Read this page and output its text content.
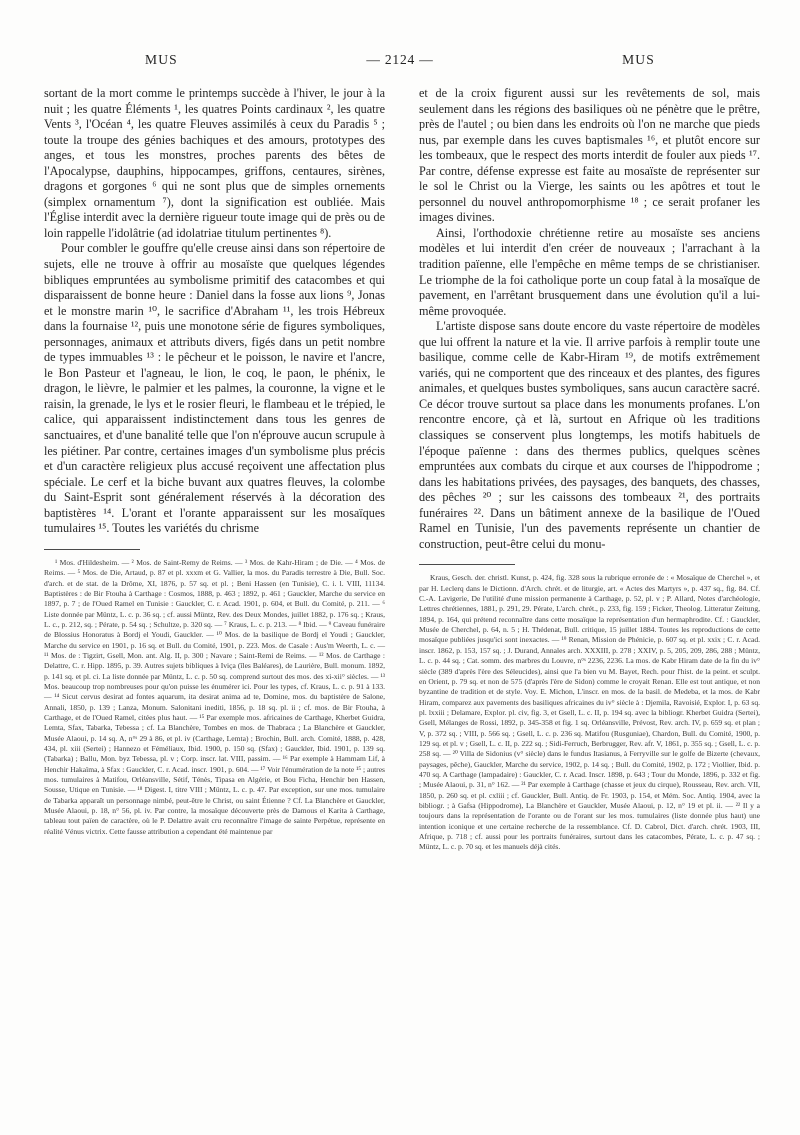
MUS	— 2124 —	MUS

sortant de la mort comme le printemps succède à l'hiver, le jour à la nuit ; les quatre Éléments ¹, les quatres Points cardinaux ², les quatre Vents ³, l'Océan ⁴, les quatre Fleuves assimilés à ceux du Paradis ⁵ ; toute la troupe des génies bachiques et des amours, prototypes des anges, et tous les monstres, proches parents des bêtes de l'Apocalypse, dauphins, hippocampes, griffons, centaures, sirènes, dragons et gorgones ⁶ qui ne sont plus que de simples ornements (simplex ornamentum ⁷), dont la signification est oubliée. Mais l'Église interdit avec la dernière rigueur toute image qui de près ou de loin rappelle l'idolâtrie (ad idolatriae titulum pertinentes ⁸).

Pour combler le gouffre qu'elle creuse ainsi dans son répertoire de sujets, elle ne trouve à offrir au mosaïste que quelques légendes bibliques empruntées au symbolisme primitif des catacombes et qui disparaissent de bonne heure : Daniel dans la fosse aux lions ⁹, Jonas et le monstre marin ¹⁰, le sacrifice d'Abraham ¹¹, les trois Hébreux dans la fournaise ¹², puis une monotone série de figures symboliques, personnages, animaux et attributs divers, figés dans un petit nombre de types immuables ¹³ : le pêcheur et le poisson, le navire et l'ancre, le Bon Pasteur et l'agneau, le lion, le coq, le paon, le phénix, le dragon, le lièvre, le palmier et les palmes, la couronne, la vigne et le raisin, la grenade, le lys et le rosier fleuri, le flambeau et le trépied, le calice, qui apparaissent indistinctement dans tous les genres de sanctuaires, et d'une banalité telle que l'on n'éprouve aucun scrupule à les piétiner. Par contre, certaines images d'un symbolisme plus précis et d'un caractère religieux plus accusé reçoivent une affectation plus spéciale. Le cerf et la biche buvant aux quatres fleuves, la colombe du Saint-Esprit sont généralement réservés à la décoration des baptistères ¹⁴. L'orant et l'orante apparaissent sur les mosaïques tumulaires ¹⁵. Toutes les variétés du chrisme

¹ Mos. d'Hildesheim. — ² Mos. de Saint-Remy de Reims. — ³ Mos. de Kahr-Hiram ; de Die. — ⁴ Mos. de Reims. — ⁵ Mos. de Die, Artaud, p. 87 et pl. xxxm et G. Vallier, la mos. du Paradis terrestre à Die, Bull. Soc. d'arch. et de stat. de la Drôme, XI, 1876, p. 57 sq. et pl. ; Beni Hassen (en Tunisie), C. i. l. VIII, 11134. Baptistères : de Bir Ftouha à Carthage : Cosmos, 1888, p. 463 ; 1892, p. 461 ; Gauckler, Marche du service en 1897, p. 7 ; de l'Oued Ramel en Tunisie : Gauckler, C. r. Acad. 1901, p. 604, et Bull. du Comité, p. 211. — ⁶ Liste donnée par Müntz, L. c. p. 36 sq. ; cf. aussi Müntz, Rev. des Deux Mondes, juillet 1882, p. 176 sq. ; Kraus, L. c., p. 212, sq. ; Pérate, p. 54 sq. ; Schultze, p. 320 sq. — ⁷ Kraus, L. c. p. 213. — ⁸ Ibid. — ⁹ Caveau funéraire de Blossius Honoratus à Bordj el Youdi, Gauckler. — ¹⁰ Mos. de la basilique de Bordj el Youdi ; Gauckler, Marche du service en 1901, p. 16 sq. et Bull. du Comité, 1901, p. 223. Mos. de Casale : Aus'm Weerth, L. c. — ¹¹ Mos. de : Tigzirt, Gsell, Mon. ant. Alg. II, p. 300 ; Navare ; Saint-Remi de Reims. — ¹² Mos. de Carthage : Delattre, C. r. Hipp. 1895, p. 39. Autres sujets bibliques à Iviça (îles Baléares), de Laurière, Bull. monum. 1892, p. 141 sq. et pl. ci. La liste donnée par Müntz, L. c. p. 50 sq. comprend surtout des mos. des xi-xii° siècles. — ¹³ Mos. beaucoup trop nombreuses pour qu'on puisse les énumérer ici. Pour les types, cf. Kraus, L. c. p. 91 à 133. — ¹⁴ Sicut cervus desirat ad fontes aquarum, ita desirat anima ad te, Domine, mos. du baptistère de Salone, Annali, 1850, p. 139 ; Lanza, Monum. Salonitani inediti, 1856, p. 18 sq. pl. ii ; cf. mos. de Bir Ftouha, à Carthage, et de l'Oued Ramel, citées plus haut. — ¹⁵ Par exemple mos. africaines de Carthage, Kherbet Guidra, Lemta, Sfax, Tabarka, Tebessa ; cf. La Blanchère, Tombes en mos. de Thabraca ; La Blanchère et Gauckler, Musée Alaoui, p. 14 sq. A, n°ˢ 29 à 86, et pl. iv (Carthage, Lemta) ; Brochin, Bull. arch. Comité, 1888, p. 428, 434, pl. xiii (Sertei) ; Hannezo et Féméliaux, Ibid. 1900, p. 150 sq. (Sfax) ; Gauckler, Ibid. 1901, p. 139 sq. (Tabarka) ; Ballu, Mon. byz Tebessa, pl. v ; Corp. inscr. lat. VIII, passim. — ¹⁶ Par exemple à Hammam Lif, à Henchir Hakaïma, à Sfax : Gauckler, C. r. Acad. inscr. 1901, p. 604. — ¹⁷ Voir l'énumération de la note ¹⁵ ; autres mos. tumulaires à Matifou, Orléansville, Sétif, Ténès, Tipasa en Algérie, et Bou Ficha, Henchir ben Hassen, Sousse, Utique en Tunisie. — ¹⁸ Digest. I, titre VIII ; Müntz, L. c. p. 47. Par exception, sur une mos. tumulaire de Tabarka apparaît un personnage nimbé, peut-être le Christ, ou saint Étienne ? Cf. La Blanchère et Gauckler, Musée Alaoui, p. 18, n° 56, pl. iv. Par contre, la mosaïque découverte près de Damous el Karita à Carthage, tableau tout païen de caractère, où le P. Delattre avait cru reconnaître l'image de sainte Perpétue, représente en réalité Vénus victrix. Cette fausse attribution a cependant été maintenue par

et de la croix figurent aussi sur les revêtements de sol, mais seulement dans les régions des basiliques où ne pénètre que le prêtre, près de l'autel ; ou bien dans les endroits où l'on ne marche que pieds nus, par exemple dans les cuves baptismales ¹⁶, et plutôt encore sur les tombeaux, que le respect des morts interdit de fouler aux pieds ¹⁷. Par contre, défense expresse est faite au mosaïste de représenter sur le sol le Christ ou la Vierge, les saints ou les apôtres et tout le personnel du nouvel anthropomorphisme ¹⁸ ; ce serait profaner les images divines.

Ainsi, l'orthodoxie chrétienne retire au mosaïste ses anciens modèles et lui interdit d'en créer de nouveaux ; l'arrachant à la tradition païenne, elle l'empêche en même temps de se christianiser. Le triomphe de la foi catholique porte un coup fatal à la mosaïque de pavement, en l'arrêtant brusquement dans une évolution qu'il a lui-même provoquée.

L'artiste dispose sans doute encore du vaste répertoire de modèles que lui offrent la nature et la vie. Il arrive parfois à remplir toute une basilique, comme celle de Kabr-Hiram ¹⁹, de motifs extrêmement variés, qui ne comportent que des rinceaux et des plantes, des figures animales, et quelques bustes symboliques, sans aucun caractère sacré. Ce décor trouve surtout sa place dans les monuments profanes. L'on rencontre encore, çà et là, surtout en Afrique où les traditions classiques se conservent plus longtemps, les motifs habituels de l'époque païenne : dans des thermes publics, quelques scènes empruntées aux combats du cirque et aux courses de l'hippodrome ; dans les habitations privées, des paysages, des banquets, des chasses, des pêches ²⁰ ; sur les caissons des tombeaux ²¹, des portraits funéraires ²². Dans un bâtiment annexe de la basilique de l'Oued Ramel en Tunisie, l'un des pavements représente un chantier de construction, peut-être celui du monu-

Kraus, Gesch. der. christl. Kunst, p. 424, fig. 328 sous la rubrique erronée de : « Mosaïque de Cherchel », et par H. Leclerq dans le Dictionn. d'Arch. chrét. et de liturgie, art. « Actes des Martyrs », p. 437 sq., fig. 84. Cf. C.-A. Lavigerie, De l'utilité d'une mission permanente à Carthage, p. 52, pl. v ; P. Allard, Notes d'archéologie, Lettres chrétiennes, 1881, p. 291, 29. Pérate, L'arch. chrét., p. 233, fig. 159 ; Ficker, Theolog. Litteratur Zeitung, 1894, p. 164, qui prétend reconnaître dans cette mosaïque la représentation d'un hermaphrodite. Cf. : Gauckler, Musée de Cherchel, p. 64, n. 5 ; H. Thédenat, Bull. critique, 15 juillet 1884. Toutes les reproductions de cette mosaïque publiées jusqu'ici sont inexactes. — ¹⁹ Renan, Mission de Phénicie, p. 607 sq. et pl. xxix ; C. r. Acad. inscr. 1862, p. 153, 157 sq. ; J. Durand, Annales arch. XXXIII, p. 278 ; XXIV, p. 5, 205, 209, 286, 288 ; Müntz, L. c. p. 44 sq. ; Cat. somm. des marbres du Louvre, n°ˢ 2236, 2236. La mos. de Kabr Hiram date de la fin du iv° siècle (389 d'après l'ère des Séleucides), ainsi que l'a bien vu M. Bayet, Rech. pour l'hist. de la peint. et sculpt. en Orient, p. 79 sq. et non de 575 (d'après l'ère de Sidon) comme le croyait Renan. Elle est tout antique, et non byzantine de tradition et de style. Voy. E. Michon, L'inscr. en mos. de la basil. de Medeba, et la mos. de Kabr Hiram, comparez aux pavements des basiliques africaines du iv° siècle à : Djemila, Ravoisié, Explor. I, p. 63 sq. pl. lxxiii ; Delamare, Explor. pl. civ, fig. 3, et Gsell, L. c. II, p. 194 sq. avec la bibliogr. Kherbet Guidra (Sertei), Gsell, Mélanges de Rossi, 1892, p. 345-358 et fig. 1 sq. Orléansville, Prévost, Rev. arch. IV, p. 659 sq. et plan ; V, p. 372 sq. ; VIII, p. 566 sq. ; Gsell, L. c. p. 236 sq. Matifou (Rusguniae), Chardon, Bull. du Comité, 1900, p. 129 sq. et pl. v ; Gsell, L. c. II, p. 222 sq. ; Sidi-Ferruch, Berbrugger, Rev. afr. V, 1861, p. 355 sq. ; Gsell, L. c. p. 258 sq. — ²⁰ Villa de Sidonius (v° siècle) dans le fundus Itasianus, à Ferryville sur le golfe de Bizerte (chevaux, paysages, pêche), Gauckler, Marche du service, 1902, p. 14 sq. ; Bull. du Comité, 1902, p. 172 ; Viollier, Ibid. p. 470 sq. A Carthage (lampadaire) : Gauckler, C. r. Acad. Inscr. 1898, p. 643 ; Tour du Monde, 1896, p. 332 et fig. ; Musée Alaoui, p. 31, n° 162. — ²¹ Par exemple à Carthage (chasse et jeux du cirque), Rousseau, Rev. arch. VII, 1850, p. 260 sq. et pl. cxliii ; cf. Gauckler, Bull. Antiq. de Fr. 1903, p. 154, et Mém. Soc. Antiq. 1904, avec la bibliogr. ; à Gafsa (Hippodrome), La Blanchère et Gauckler, Musée Alaoui, p. 12, n° 19 et pl. ii. — ²² Il y a toujours dans la représentation de l'orante ou de l'orant sur les mos. tumulaires (liste donnée plus haut) une intention iconique et une certaine recherche de la ressemblance. Cf. D. Cabrol, Dict. d'arch. chrét. 1903, III, Afrique, p. 718 ; cf. aussi pour les portraits funéraires, surtout dans les catacombes, Pérate, L. c. p. 47 sq. ; Müntz, L. c. p. 70 sq. et les manuels déjà cités.
